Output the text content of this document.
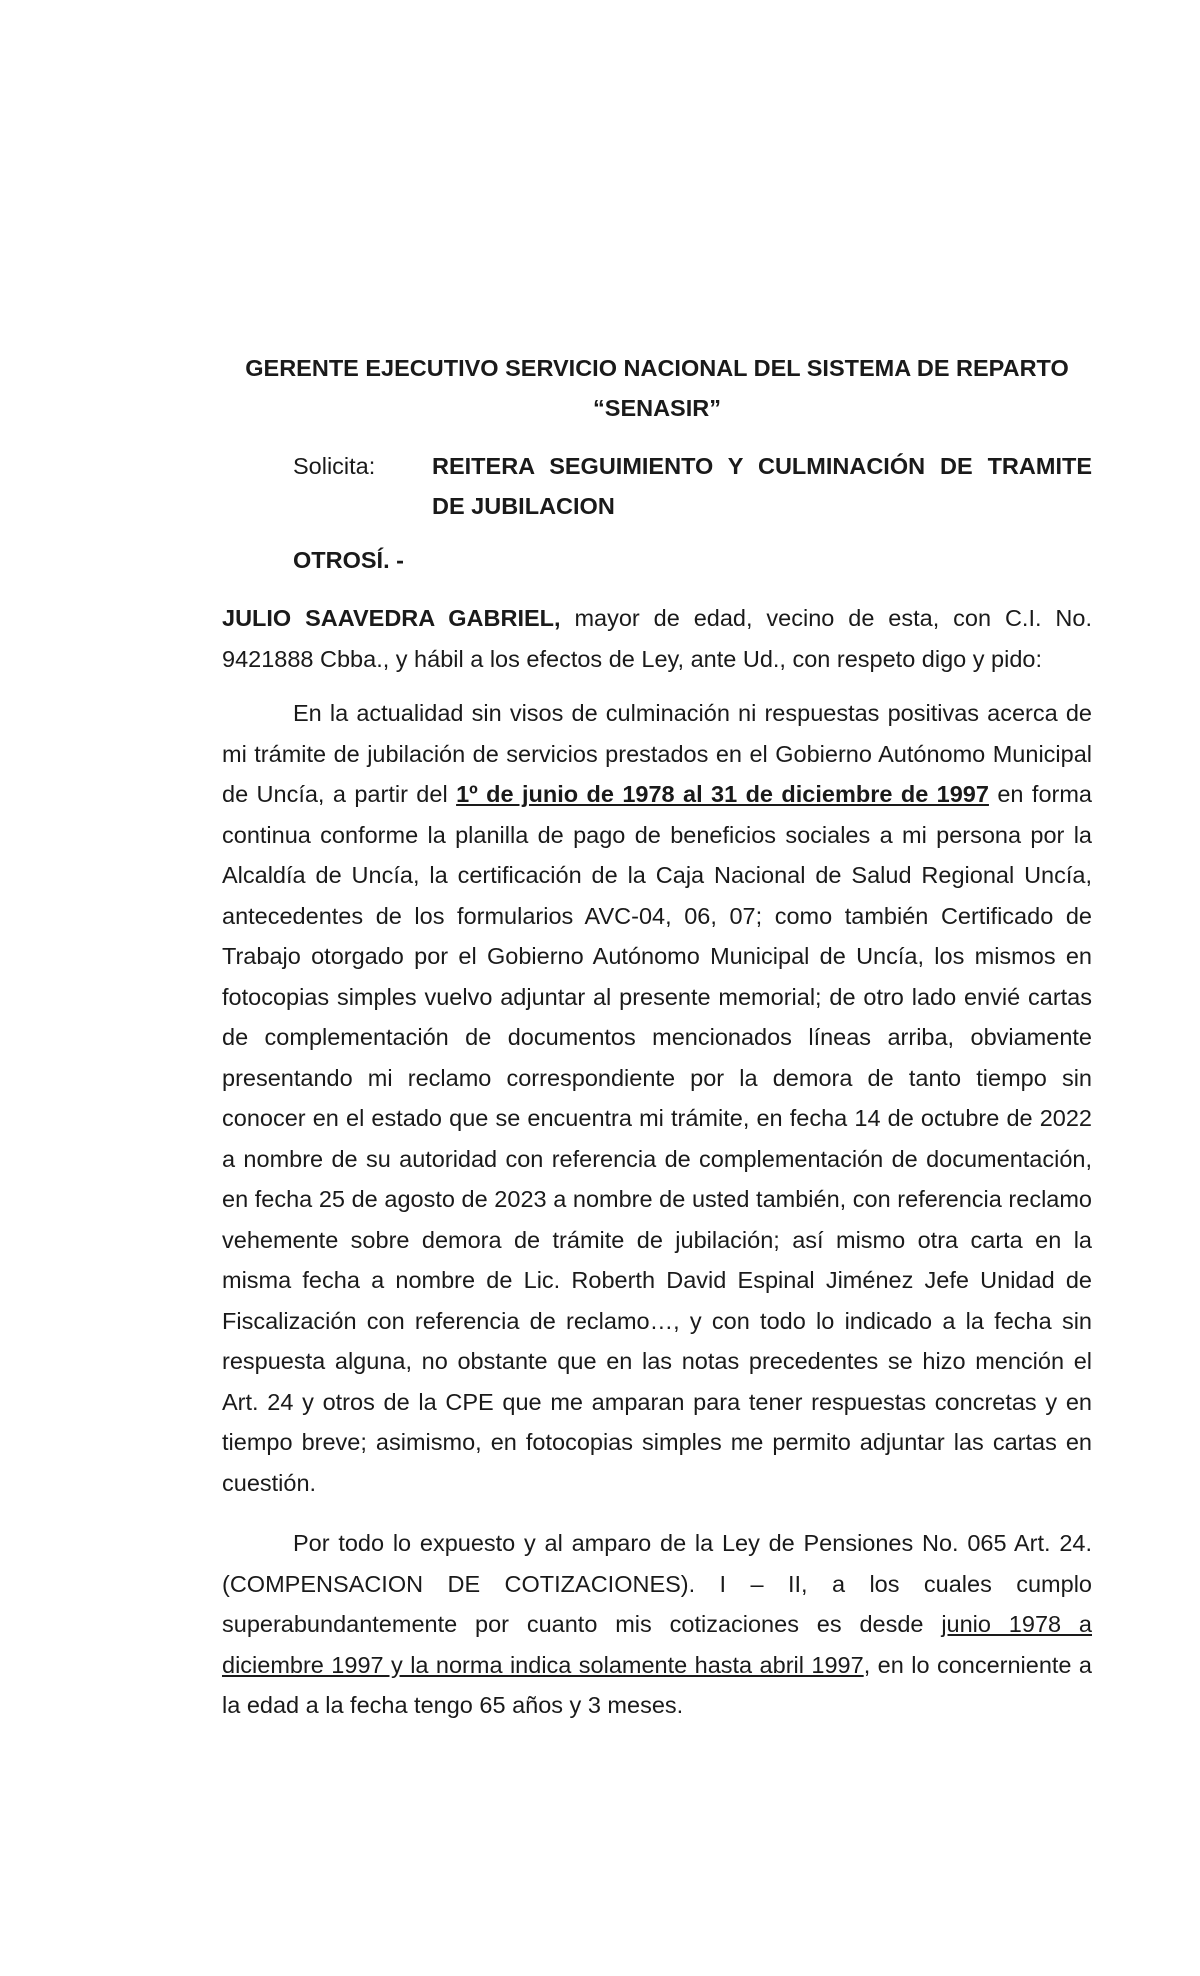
GERENTE EJECUTIVO SERVICIO NACIONAL DEL SISTEMA DE REPARTO
“SENASIR”
Solicita: REITERA SEGUIMIENTO Y CULMINACIÓN DE TRAMITE
DE JUBILACION
OTROSÍ. -
JULIO SAAVEDRA GABRIEL, mayor de edad, vecino de esta, con C.I. No. 9421888 Cbba., y hábil a los efectos de Ley, ante Ud., con respeto digo y pido:
En la actualidad sin visos de culminación ni respuestas positivas acerca de mi trámite de jubilación de servicios prestados en el Gobierno Autónomo Municipal de Uncía, a partir del 1º de junio de 1978 al 31 de diciembre de 1997 en forma continua conforme la planilla de pago de beneficios sociales a mi persona por la Alcaldía de Uncía, la certificación de la Caja Nacional de Salud Regional Uncía, antecedentes de los formularios AVC-04, 06, 07; como también Certificado de Trabajo otorgado por el Gobierno Autónomo Municipal de Uncía, los mismos en fotocopias simples vuelvo adjuntar al presente memorial; de otro lado envié cartas de complementación de documentos mencionados líneas arriba, obviamente presentando mi reclamo correspondiente por la demora de tanto tiempo sin conocer en el estado que se encuentra mi trámite, en fecha 14 de octubre de 2022 a nombre de su autoridad con referencia de complementación de documentación, en fecha 25 de agosto de 2023 a nombre de usted también, con referencia reclamo vehemente sobre demora de trámite de jubilación; así mismo otra carta en la misma fecha a nombre de Lic. Roberth David Espinal Jiménez Jefe Unidad de Fiscalización con referencia de reclamo…, y con todo lo indicado a la fecha sin respuesta alguna, no obstante que en las notas precedentes se hizo mención el Art. 24 y otros de la CPE que me amparan para tener respuestas concretas y en tiempo breve; asimismo, en fotocopias simples me permito adjuntar las cartas en cuestión.
Por todo lo expuesto y al amparo de la Ley de Pensiones No. 065 Art. 24. (COMPENSACION DE COTIZACIONES). I – II, a los cuales cumplo superabundantemente por cuanto mis cotizaciones es desde junio 1978 a diciembre 1997 y la norma indica solamente hasta abril 1997, en lo concerniente a la edad a la fecha tengo 65 años y 3 meses.
